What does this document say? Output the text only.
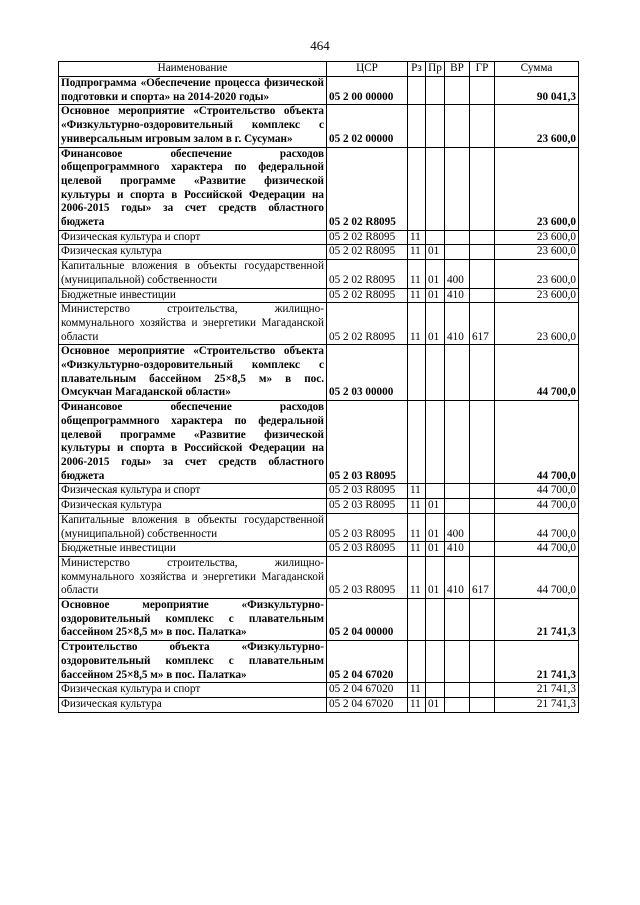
464
Наименование	ЦСР	Рз	Пр	ВР	ГР	Сумма
Подпрограмма «Обеспечение процесса физической подготовки и спорта» на 2014-2020 годы»	05 2 00 00000					90 041,3
Основное мероприятие «Строительство объекта «Физкультурно-оздоровительный комплекс с универсальным игровым залом в г. Сусуман»	05 2 02 00000					23 600,0
Финансовое обеспечение расходов общепрограммного характера по федеральной целевой программе «Развитие физической культуры и спорта в Российской Федерации на 2006-2015 годы» за счет средств областного бюджета	05 2 02 R8095					23 600,0
Физическая культура и спорт	05 2 02 R8095	11				23 600,0
Физическая культура	05 2 02 R8095	11	01			23 600,0
Капитальные вложения в объекты государственной (муниципальной) собственности	05 2 02 R8095	11	01	400		23 600,0
Бюджетные инвестиции	05 2 02 R8095	11	01	410		23 600,0
Министерство строительства, жилищно-коммунального хозяйства и энергетики Магаданской области	05 2 02 R8095	11	01	410	617	23 600,0
Основное мероприятие «Строительство объекта «Физкультурно-оздоровительный комплекс с плавательным бассейном 25×8,5 м» в пос. Омсукчан Магаданской области»	05 2 03 00000					44 700,0
Финансовое обеспечение расходов общепрограммного характера по федеральной целевой программе «Развитие физической культуры и спорта в Российской Федерации на 2006-2015 годы» за счет средств областного бюджета	05 2 03 R8095					44 700,0
Физическая культура и спорт	05 2 03 R8095	11				44 700,0
Физическая культура	05 2 03 R8095	11	01			44 700,0
Капитальные вложения в объекты государственной (муниципальной) собственности	05 2 03 R8095	11	01	400		44 700,0
Бюджетные инвестиции	05 2 03 R8095	11	01	410		44 700,0
Министерство строительства, жилищно-коммунального хозяйства и энергетики Магаданской области	05 2 03 R8095	11	01	410	617	44 700,0
Основное мероприятие «Физкультурно-оздоровительный комплекс с плавательным бассейном 25×8,5 м» в пос. Палатка»	05 2 04 00000					21 741,3
Строительство объекта «Физкультурно-оздоровительный комплекс с плавательным бассейном 25×8,5 м» в пос. Палатка»	05 2 04 67020					21 741,3
Физическая культура и спорт	05 2 04 67020	11				21 741,3
Физическая культура	05 2 04 67020	11	01			21 741,3
